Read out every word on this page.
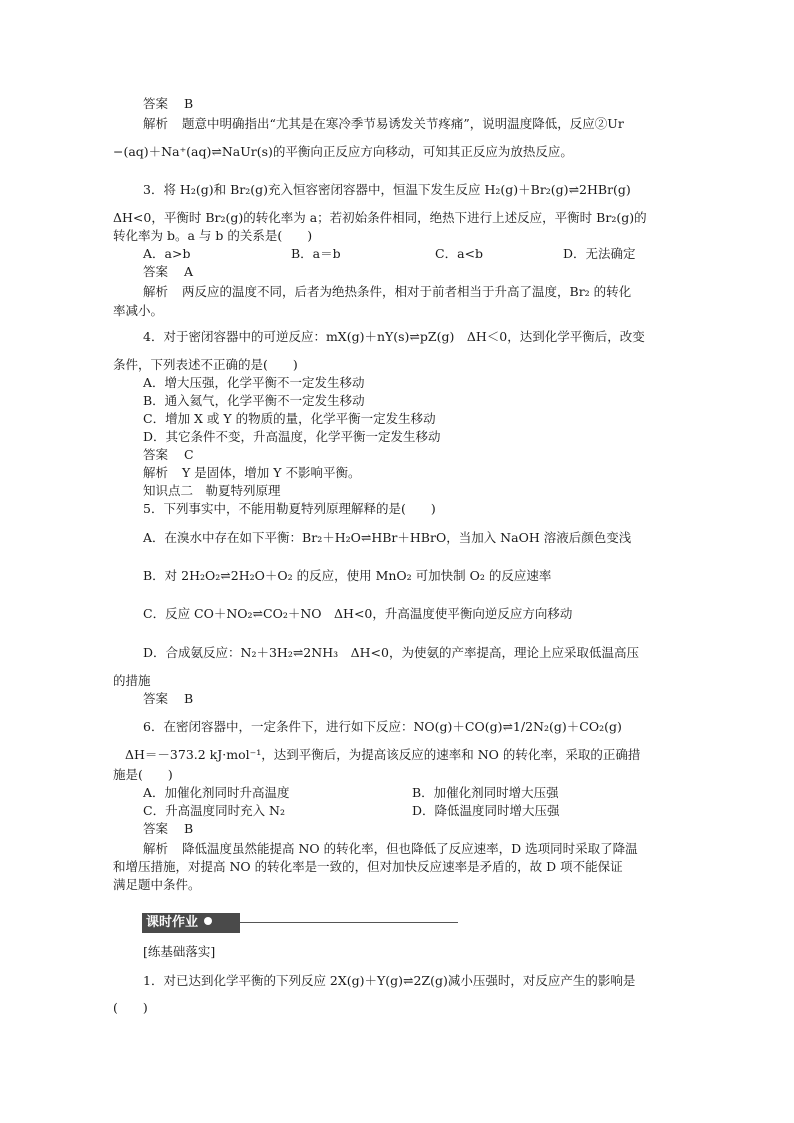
答案 B
解析 题意中明确指出“尤其是在寒冷季节易诱发关节疼痛”，说明温度降低，反应②Ur
−(aq)＋Na⁺(aq)⇌NaUr(s)的平衡向正反应方向移动，可知其正反应为放热反应。
3．将 H₂(g)和 Br₂(g)充入恒容密闭容器中，恒温下发生反应 H₂(g)＋Br₂(g)⇌2HBr(g)
ΔH<0，平衡时 Br₂(g)的转化率为 a；若初始条件相同，绝热下进行上述反应，平衡时 Br₂(g)的
转化率为 b。a 与 b 的关系是(　　)
A．a>b	B．a＝b	C．a<b	D．无法确定
答案 A
解析 两反应的温度不同，后者为绝热条件，相对于前者相当于升高了温度，Br₂ 的转化
率减小。
4．对于密闭容器中的可逆反应：mX(g)＋nY(s)⇌pZ(g)　ΔH＜0，达到化学平衡后，改变
条件，下列表述不正确的是(　　)
A．增大压强，化学平衡不一定发生移动
B．通入氦气，化学平衡不一定发生移动
C．增加 X 或 Y 的物质的量，化学平衡一定发生移动
D．其它条件不变，升高温度，化学平衡一定发生移动
答案 C
解析 Y 是固体，增加 Y 不影响平衡。
知识点二　勒夏特列原理
5．下列事实中，不能用勒夏特列原理解释的是(　　)
A．在溴水中存在如下平衡：Br₂＋H₂O⇌HBr＋HBrO，当加入 NaOH 溶液后颜色变浅
B．对 2H₂O₂⇌2H₂O＋O₂ 的反应，使用 MnO₂ 可加快制 O₂ 的反应速率
C．反应 CO＋NO₂⇌CO₂＋NO　ΔH<0，升高温度使平衡向逆反应方向移动
D．合成氨反应：N₂＋3H₂⇌2NH₃　ΔH<0，为使氨的产率提高，理论上应采取低温高压
的措施
答案 B
6．在密闭容器中，一定条件下，进行如下反应：NO(g)＋CO(g)⇌1/2N₂(g)＋CO₂(g)
ΔH＝－373.2 kJ·mol⁻¹，达到平衡后，为提高该反应的速率和 NO 的转化率，采取的正确措
施是(　　)
A．加催化剂同时升高温度	B．加催化剂同时增大压强
C．升高温度同时充入 N₂	D．降低温度同时增大压强
答案 B
解析 降低温度虽然能提高 NO 的转化率，但也降低了反应速率，D 选项同时采取了降温
和增压措施，对提高 NO 的转化率是一致的，但对加快反应速率是矛盾的，故 D 项不能保证
满足题中条件。
课时作业
[练基础落实]
1．对已达到化学平衡的下列反应 2X(g)＋Y(g)⇌2Z(g)减小压强时，对反应产生的影响是
(　　)
